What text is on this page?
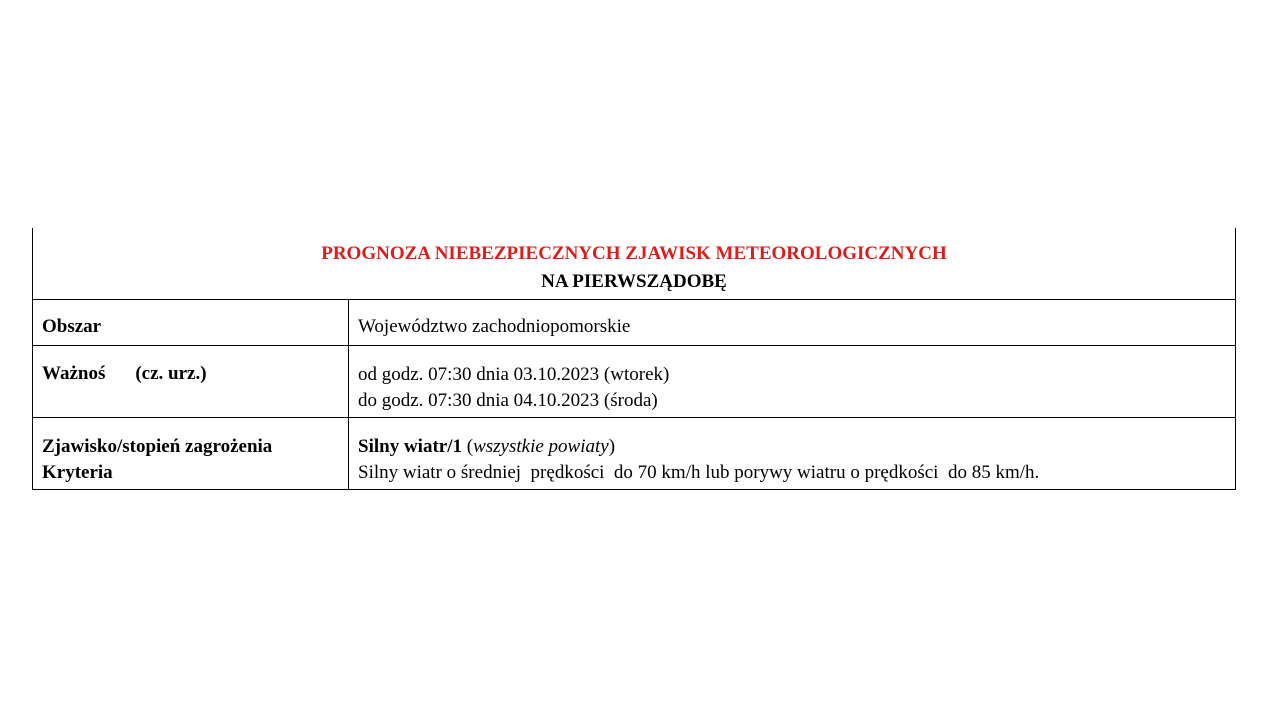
PROGNOZA NIEBEZPIECZNYCH ZJAWISK METEOROLOGICZNYCH
NA PIERWSZĄDOBĘ
Obszar	Województwo zachodniopomorskie
Ważnoś (cz. urz.)	od godz. 07:30 dnia 03.10.2023 (wtorek)
do godz. 07:30 dnia 04.10.2023 (środa)
Zjawisko/stopień zagrożenia
Kryteria
Silny wiatr/1 (wszystkie powiaty)
Silny wiatr o średniej  prędkości  do 70 km/h lub porywy wiatru o prędkości  do 85 km/h.
